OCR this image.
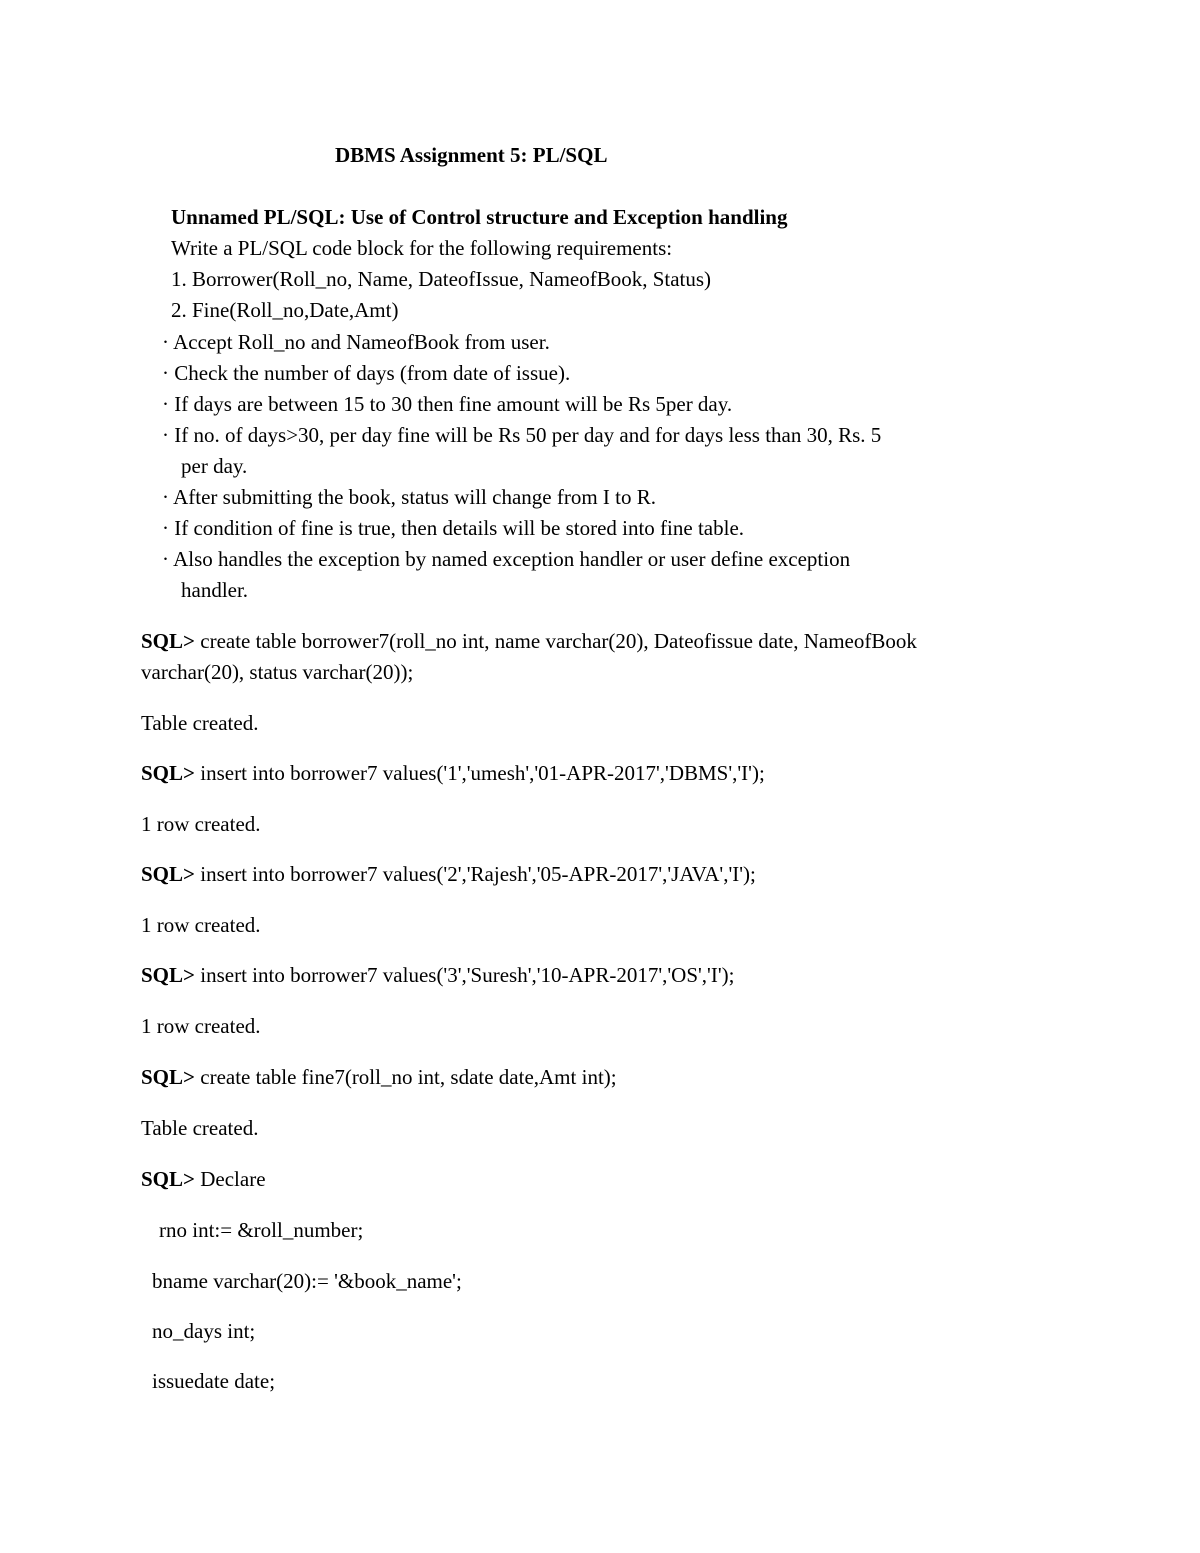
DBMS Assignment 5: PL/SQL
Unnamed PL/SQL: Use of Control structure and Exception handling
Write a PL/SQL code block for the following requirements:
1. Borrower(Roll_no, Name, DateofIssue, NameofBook, Status)
2. Fine(Roll_no,Date,Amt)
· Accept Roll_no and NameofBook from user.
· Check the number of days (from date of issue).
· If days are between 15 to 30 then fine amount will be Rs 5per day.
· If no. of days>30, per day fine will be Rs 50 per day and for days less than 30, Rs. 5
per day.
· After submitting the book, status will change from I to R.
· If condition of fine is true, then details will be stored into fine table.
· Also handles the exception by named exception handler or user define exception
handler.
SQL> create table borrower7(roll_no int, name varchar(20), Dateofissue date, NameofBook
varchar(20), status varchar(20));
Table created.
SQL> insert into borrower7 values('1','umesh','01-APR-2017','DBMS','I');
1 row created.
SQL> insert into borrower7 values('2','Rajesh','05-APR-2017','JAVA','I');
1 row created.
SQL> insert into borrower7 values('3','Suresh','10-APR-2017','OS','I');
1 row created.
SQL> create table fine7(roll_no int, sdate date,Amt int);
Table created.
SQL> Declare
rno int:= &roll_number;
bname varchar(20):= '&book_name';
no_days int;
issuedate date;
